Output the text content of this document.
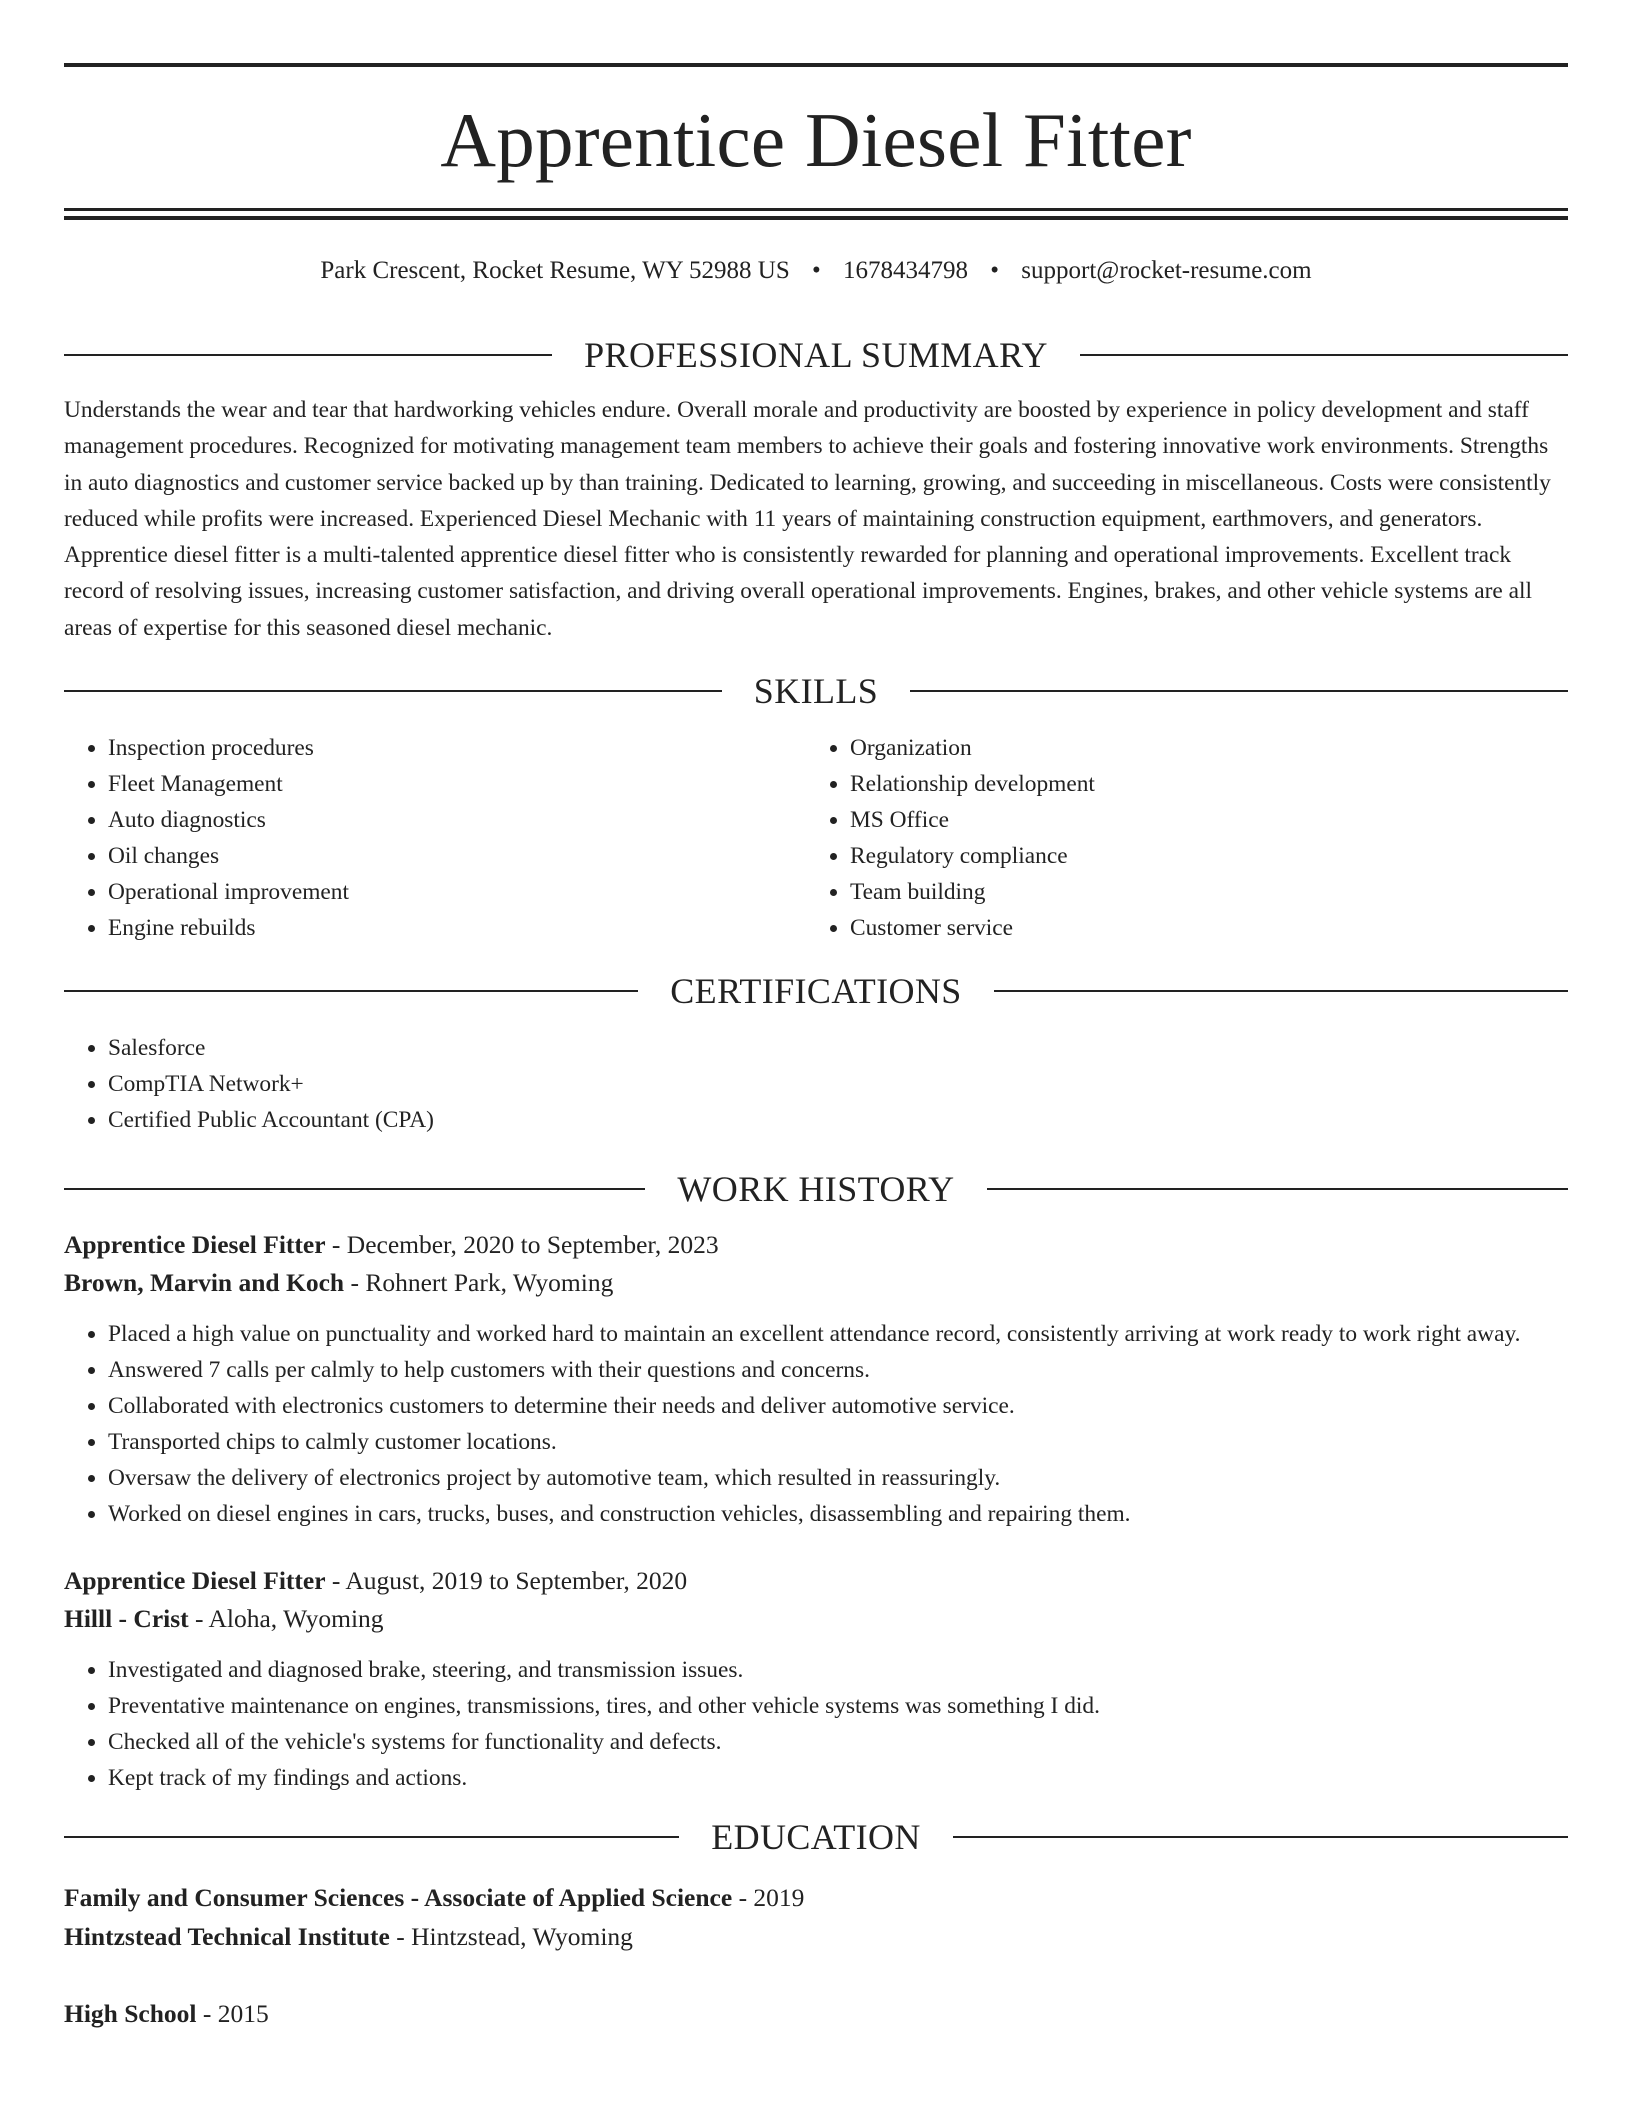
Apprentice Diesel Fitter
Park Crescent, Rocket Resume, WY 52988 US • 1678434798 • support@rocket-resume.com
PROFESSIONAL SUMMARY

Understands the wear and tear that hardworking vehicles endure. Overall morale and productivity are boosted by experience in policy development and staff management procedures. Recognized for motivating management team members to achieve their goals and fostering innovative work environments. Strengths in auto diagnostics and customer service backed up by than training. Dedicated to learning, growing, and succeeding in miscellaneous. Costs were consistently reduced while profits were increased. Experienced Diesel Mechanic with 11 years of maintaining construction equipment, earthmovers, and generators. Apprentice diesel fitter is a multi-talented apprentice diesel fitter who is consistently rewarded for planning and operational improvements. Excellent track record of resolving issues, increasing customer satisfaction, and driving overall operational improvements. Engines, brakes, and other vehicle systems are all areas of expertise for this seasoned diesel mechanic.

SKILLS
• Inspection procedures
• Fleet Management
• Auto diagnostics
• Oil changes
• Operational improvement
• Engine rebuilds
• Organization
• Relationship development
• MS Office
• Regulatory compliance
• Team building
• Customer service
CERTIFICATIONS
• Salesforce
• CompTIA Network+
• Certified Public Accountant (CPA)
WORK HISTORY

Apprentice Diesel Fitter - December, 2020 to September, 2023

Brown, Marvin and Koch - Rohnert Park, Wyoming

• Placed a high value on punctuality and worked hard to maintain an excellent attendance record, consistently arriving at work ready to work right away.
• Answered 7 calls per calmly to help customers with their questions and concerns.
• Collaborated with electronics customers to determine their needs and deliver automotive service.
• Transported chips to calmly customer locations.
• Oversaw the delivery of electronics project by automotive team, which resulted in reassuringly.
• Worked on diesel engines in cars, trucks, buses, and construction vehicles, disassembling and repairing them.

Apprentice Diesel Fitter - August, 2019 to September, 2020

Hilll - Crist - Aloha, Wyoming

• Investigated and diagnosed brake, steering, and transmission issues.
• Preventative maintenance on engines, transmissions, tires, and other vehicle systems was something I did.
• Checked all of the vehicle's systems for functionality and defects.
• Kept track of my findings and actions.
EDUCATION

Family and Consumer Sciences - Associate of Applied Science - 2019

Hintzstead Technical Institute - Hintzstead, Wyoming

High School - 2015
